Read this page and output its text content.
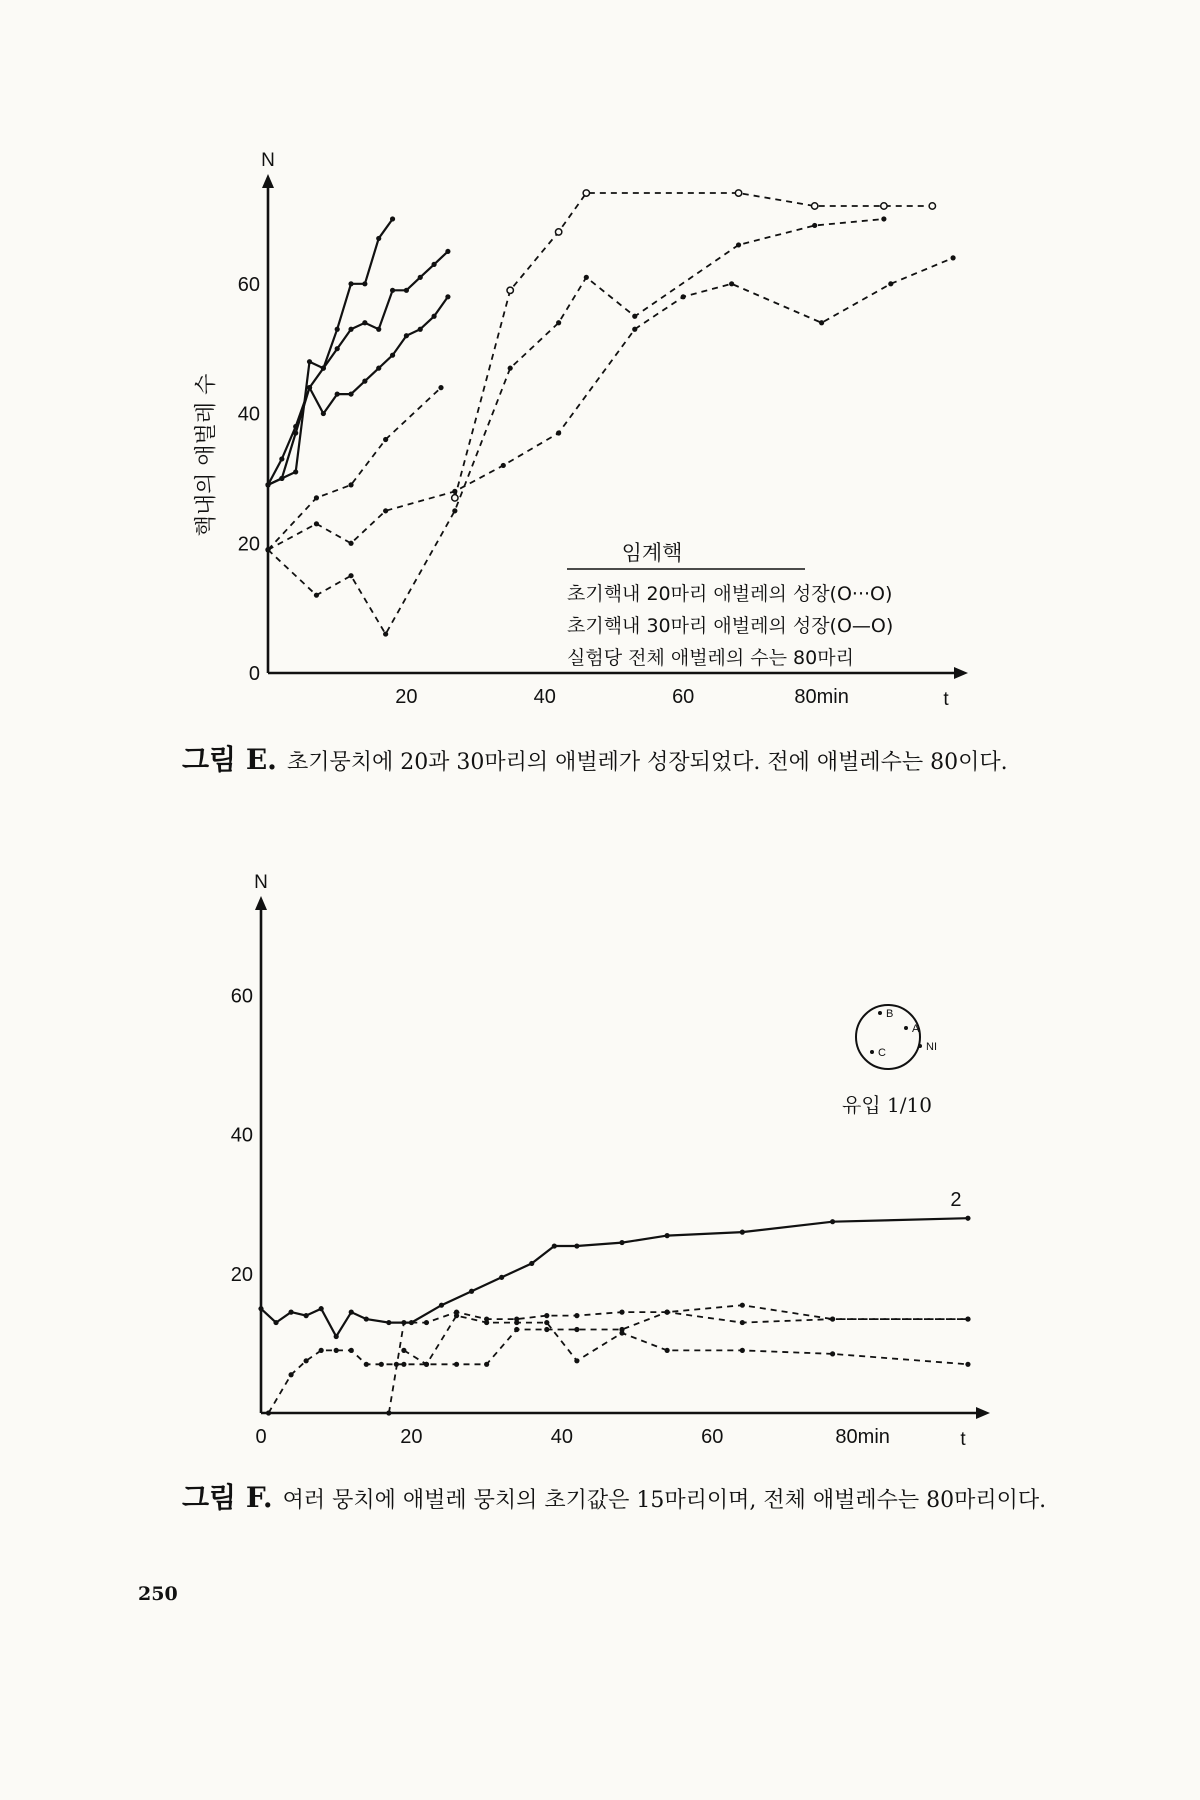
N
t
0
20
40
60
20	40	60	80min
핵내의 애벌레 수
임계핵
초기핵내 20마리 애벌레의 성장(O···O)
초기핵내 30마리 애벌레의 성장(O—O)
실험당 전체 애벌레의 수는 80마리
그림 E. 초기뭉치에 20과 30마리의 애벌레가 성장되었다. 전에 애벌레수는 80이다.
N
t
20
40
60
0	20	40	60	80min
2
B
A
C	NI
유입 1/10
그림 F. 여러 뭉치에 애벌레 뭉치의 초기값은 15마리이며, 전체 애벌레수는 80마리이다.
250
